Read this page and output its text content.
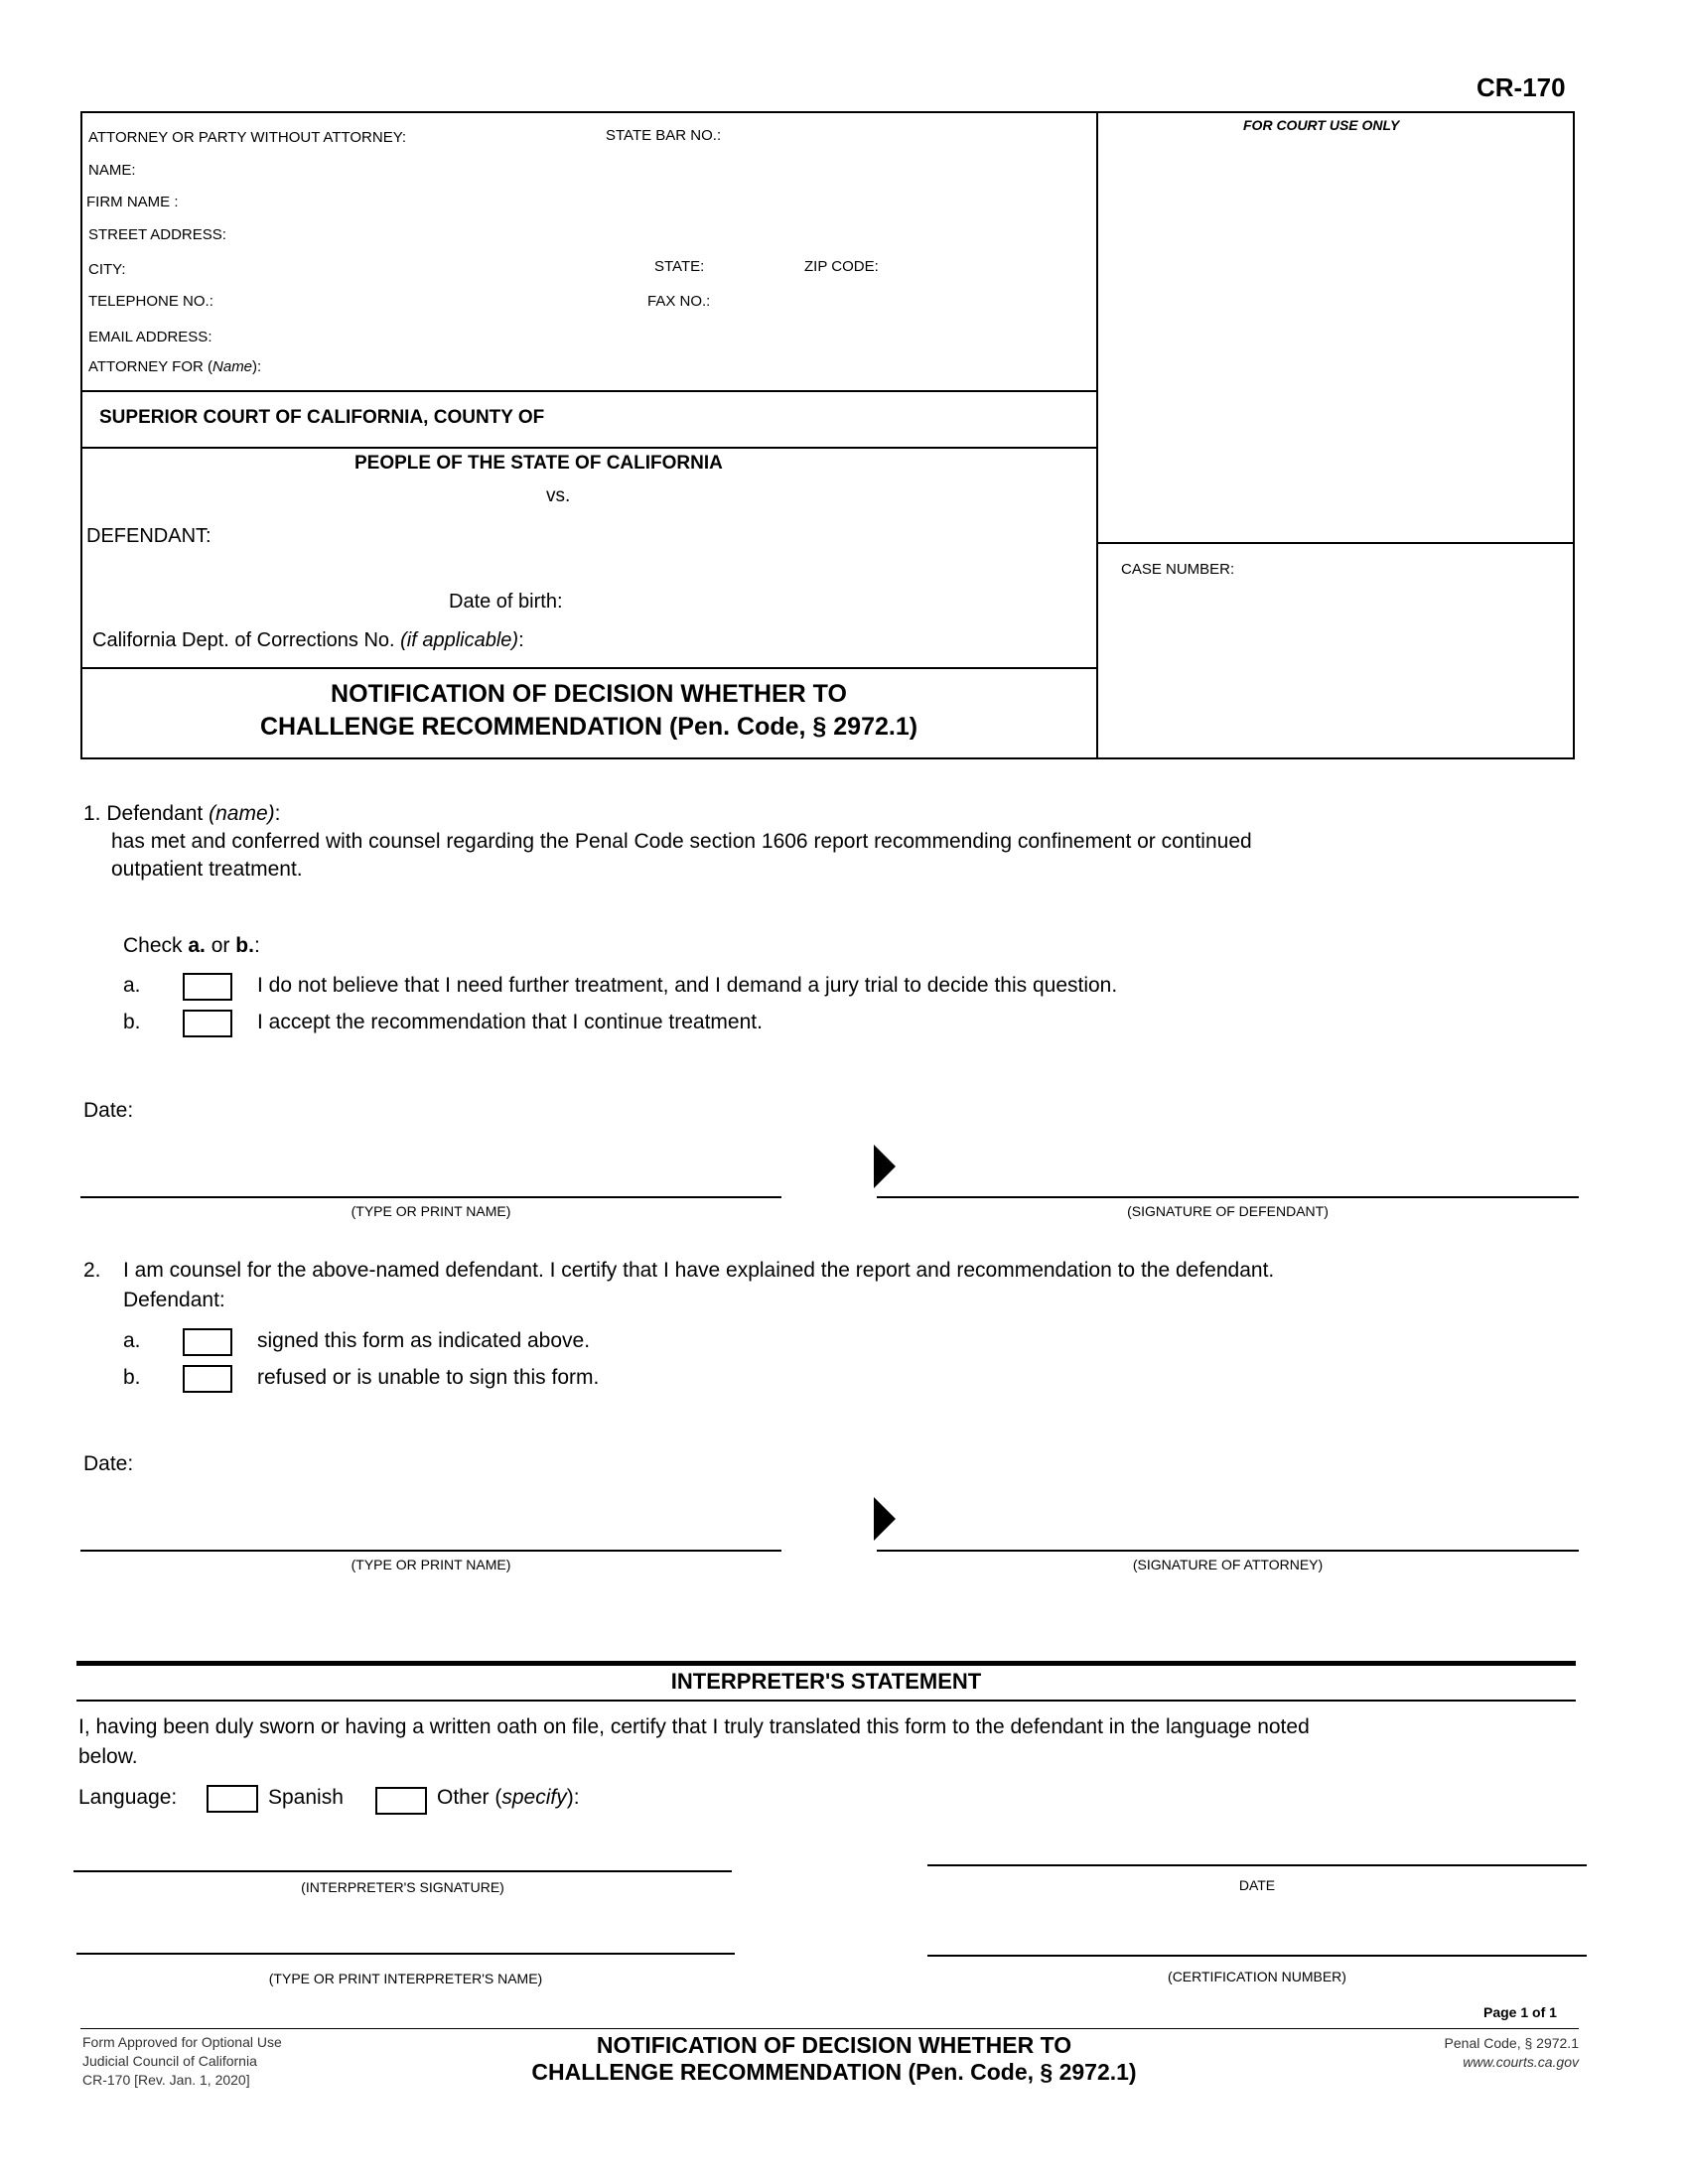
CR-170
ATTORNEY OR PARTY WITHOUT ATTORNEY:	STATE BAR NO.:
NAME:
FIRM NAME :
STREET ADDRESS:
CITY:	STATE:	ZIP CODE:
TELEPHONE NO.:	FAX NO.:
EMAIL ADDRESS:
ATTORNEY FOR (Name):
FOR COURT USE ONLY
SUPERIOR COURT OF CALIFORNIA, COUNTY OF
PEOPLE OF THE STATE OF CALIFORNIA
vs.
DEFENDANT:
Date of birth:
California Dept. of Corrections No. (if applicable):
CASE NUMBER:
NOTIFICATION OF DECISION WHETHER TO
CHALLENGE RECOMMENDATION (Pen. Code, § 2972.1)
1. Defendant (name):
has met and conferred with counsel regarding the Penal Code section 1606 report recommending confinement or continued
outpatient treatment.
Check a. or b.:
a.	I do not believe that I need further treatment, and I demand a jury trial to decide this question.
b.	I accept the recommendation that I continue treatment.
Date:
(TYPE OR PRINT NAME)	(SIGNATURE OF DEFENDANT)
2. I am counsel for the above-named defendant. I certify that I have explained the report and recommendation to the defendant.
Defendant:
a.	signed this form as indicated above.
b.	refused or is unable to sign this form.
Date:
(TYPE OR PRINT NAME)	(SIGNATURE OF ATTORNEY)
INTERPRETER'S STATEMENT
I, having been duly sworn or having a written oath on file, certify that I truly translated this form to the defendant in the language noted
below.
Language:	Spanish	Other (specify):
(INTERPRETER'S SIGNATURE)	DATE
(TYPE OR PRINT INTERPRETER'S NAME)	(CERTIFICATION NUMBER)
Page 1 of 1
Form Approved for Optional Use
Judicial Council of California
CR-170 [Rev. Jan. 1, 2020]
NOTIFICATION OF DECISION WHETHER TO
CHALLENGE RECOMMENDATION (Pen. Code, § 2972.1)
Penal Code, § 2972.1
www.courts.ca.gov
